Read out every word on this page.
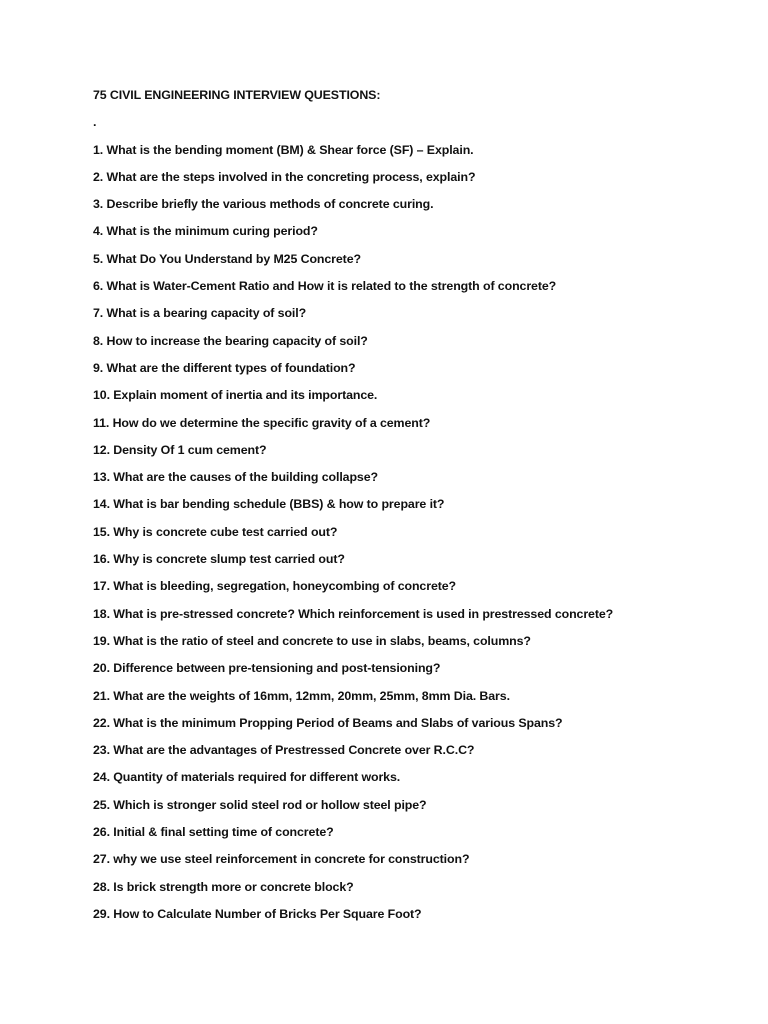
75 CIVIL ENGINEERING INTERVIEW QUESTIONS:
.
1. What is the bending moment (BM) & Shear force (SF) – Explain.
2. What are the steps involved in the concreting process, explain?
3. Describe briefly the various methods of concrete curing.
4. What is the minimum curing period?
5. What Do You Understand by M25 Concrete?
6. What is Water-Cement Ratio and How it is related to the strength of concrete?
7. What is a bearing capacity of soil?
8. How to increase the bearing capacity of soil?
9. What are the different types of foundation?
10. Explain moment of inertia and its importance.
11. How do we determine the specific gravity of a cement?
12. Density Of 1 cum cement?
13. What are the causes of the building collapse?
14. What is bar bending schedule (BBS) & how to prepare it?
15. Why is concrete cube test carried out?
16. Why is concrete slump test carried out?
17. What is bleeding, segregation, honeycombing of concrete?
18. What is pre-stressed concrete? Which reinforcement is used in prestressed concrete?
19. What is the ratio of steel and concrete to use in slabs, beams, columns?
20. Difference between pre-tensioning and post-tensioning?
21. What are the weights of 16mm, 12mm, 20mm, 25mm, 8mm Dia. Bars.
22. What is the minimum Propping Period of Beams and Slabs of various Spans?
23. What are the advantages of Prestressed Concrete over R.C.C?
24. Quantity of materials required for different works.
25. Which is stronger solid steel rod or hollow steel pipe?
26. Initial & final setting time of concrete?
27. why we use steel reinforcement in concrete for construction?
28. Is brick strength more or concrete block?
29. How to Calculate Number of Bricks Per Square Foot?
